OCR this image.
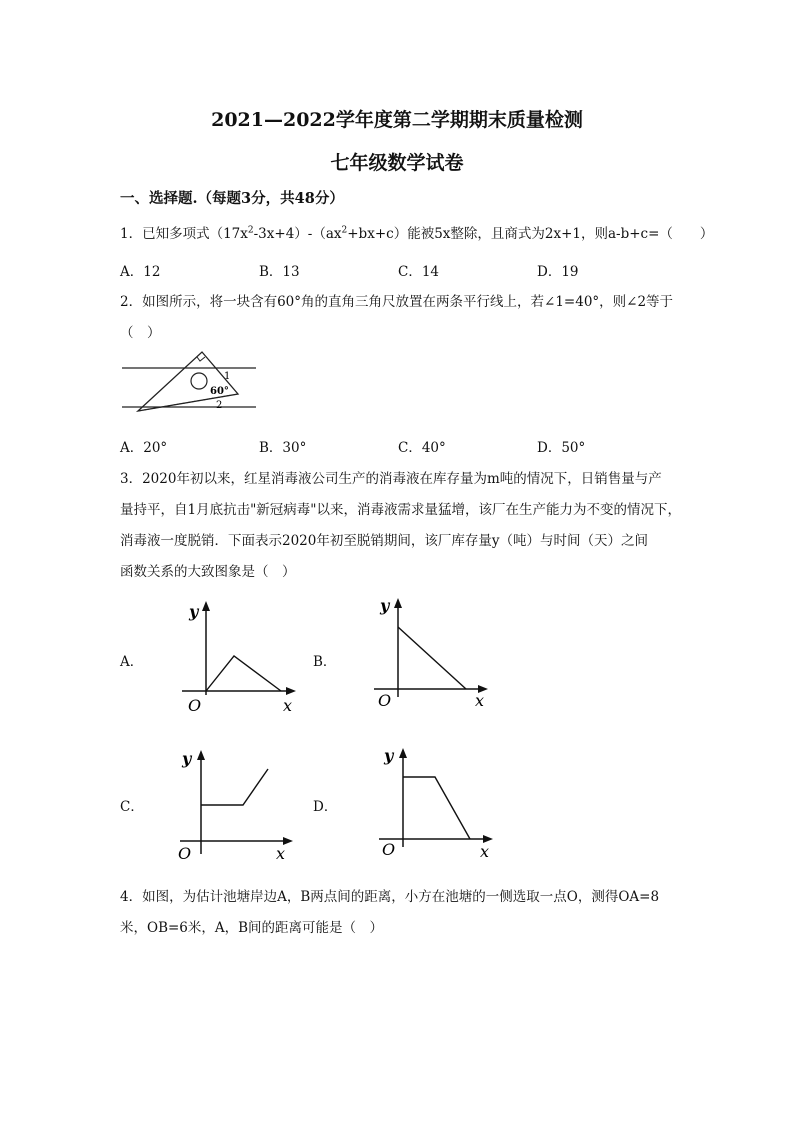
2021—2022学年度第二学期期末质量检测
七年级数学试卷
一、选择题.（每题3分，共48分）
1．已知多项式$(17x^2-3x+4)-(ax^2+bx+c)$能被5x整除，且商式为2x+1，则a-b+c=（　　）
A．12	B．13	C．14	D．19
2．如图所示，将一块含有60°角的直角三角尺放置在两条平行线上，若∠1=40°，则∠2等于
（　）
60°
1
2
A．20°	B．30°	C．40°	D．50°
3．2020年初以来，红星消毒液公司生产的消毒液在库存量为m吨的情况下，日销售量与产
量持平，自1月底抗击"新冠病毒"以来，消毒液需求量猛增，该厂在生产能力为不变的情况下，
消毒液一度脱销．下面表示2020年初至脱销期间，该厂库存量y（吨）与时间（天）之间
函数关系的大致图象是（　）
A．	B．
C．	D．
y
O	x
y
O	x
y
O	x
y
O	x
4．如图，为估计池塘岸边A，B两点间的距离，小方在池塘的一侧选取一点O，测得OA=8
米，OB=6米，A，B间的距离可能是（　）
